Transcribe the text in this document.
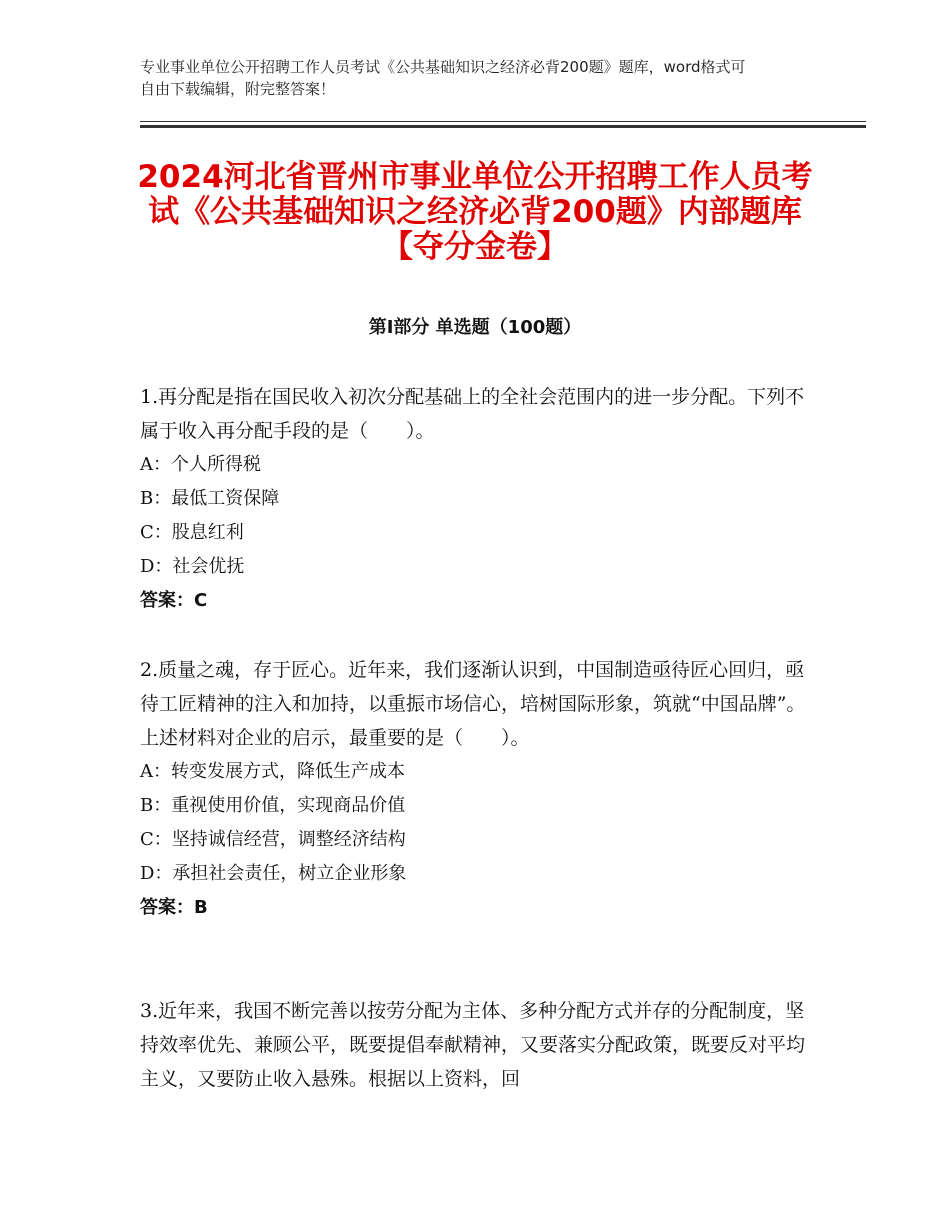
专业事业单位公开招聘工作人员考试《公共基础知识之经济必背200题》题库，word格式可自由下载编辑，附完整答案！
2024河北省晋州市事业单位公开招聘工作人员考试《公共基础知识之经济必背200题》内部题库【夺分金卷】
第Ⅰ部分 单选题（100题）

1.再分配是指在国民收入初次分配基础上的全社会范围内的进一步分配。下列不属于收入再分配手段的是（　　）。

A：个人所得税

B：最低工资保障

C：股息红利

D：社会优抚

答案：C

2.质量之魂，存于匠心。近年来，我们逐渐认识到，中国制造亟待匠心回归，亟待工匠精神的注入和加持，以重振市场信心，培树国际形象，筑就“中国品牌”。上述材料对企业的启示，最重要的是（　　）。

A：转变发展方式，降低生产成本

B：重视使用价值，实现商品价值

C：坚持诚信经营，调整经济结构

D：承担社会责任，树立企业形象

答案：B

3.近年来，我国不断完善以按劳分配为主体、多种分配方式并存的分配制度，坚持效率优先、兼顾公平，既要提倡奉献精神，又要落实分配政策，既要反对平均主义，又要防止收入悬殊。根据以上资料，回
